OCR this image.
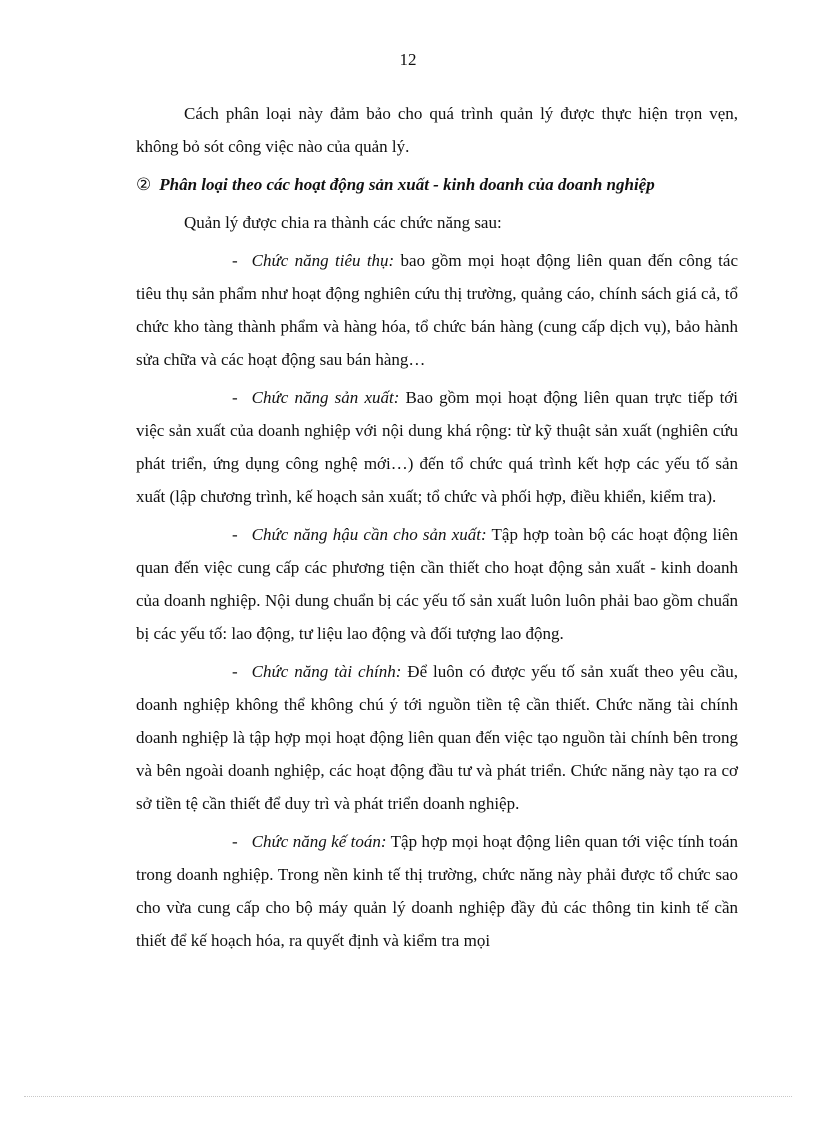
12

Cách phân loại này đảm bảo cho quá trình quản lý được thực hiện trọn vẹn, không bỏ sót công việc nào của quản lý.

② Phân loại theo các hoạt động sản xuất - kinh doanh của doanh nghiệp

Quản lý được chia ra thành các chức năng sau:

- Chức năng tiêu thụ: bao gồm mọi hoạt động liên quan đến công tác tiêu thụ sản phẩm như hoạt động nghiên cứu thị trường, quảng cáo, chính sách giá cả, tổ chức kho tàng thành phẩm và hàng hóa, tổ chức bán hàng (cung cấp dịch vụ), bảo hành sửa chữa và các hoạt động sau bán hàng…

- Chức năng sản xuất: Bao gồm mọi hoạt động liên quan trực tiếp tới việc sản xuất của doanh nghiệp với nội dung khá rộng: từ kỹ thuật sản xuất (nghiên cứu phát triển, ứng dụng công nghệ mới…) đến tổ chức quá trình kết hợp các yếu tố sản xuất (lập chương trình, kế hoạch sản xuất; tổ chức và phối hợp, điều khiển, kiểm tra).

- Chức năng hậu cần cho sản xuất: Tập hợp toàn bộ các hoạt động liên quan đến việc cung cấp các phương tiện cần thiết cho hoạt động sản xuất - kinh doanh của doanh nghiệp. Nội dung chuẩn bị các yếu tố sản xuất luôn luôn phải bao gồm chuẩn bị các yếu tố: lao động, tư liệu lao động và đối tượng lao động.

- Chức năng tài chính: Để luôn có được yếu tố sản xuất theo yêu cầu, doanh nghiệp không thể không chú ý tới nguồn tiền tệ cần thiết. Chức năng tài chính doanh nghiệp là tập hợp mọi hoạt động liên quan đến việc tạo nguồn tài chính bên trong và bên ngoài doanh nghiệp, các hoạt động đầu tư và phát triển. Chức năng này tạo ra cơ sở tiền tệ cần thiết để duy trì và phát triển doanh nghiệp.

- Chức năng kế toán: Tập hợp mọi hoạt động liên quan tới việc tính toán trong doanh nghiệp. Trong nền kinh tế thị trường, chức năng này phải được tổ chức sao cho vừa cung cấp cho bộ máy quản lý doanh nghiệp đầy đủ các thông tin kinh tế cần thiết để kế hoạch hóa, ra quyết định và kiểm tra mọi
